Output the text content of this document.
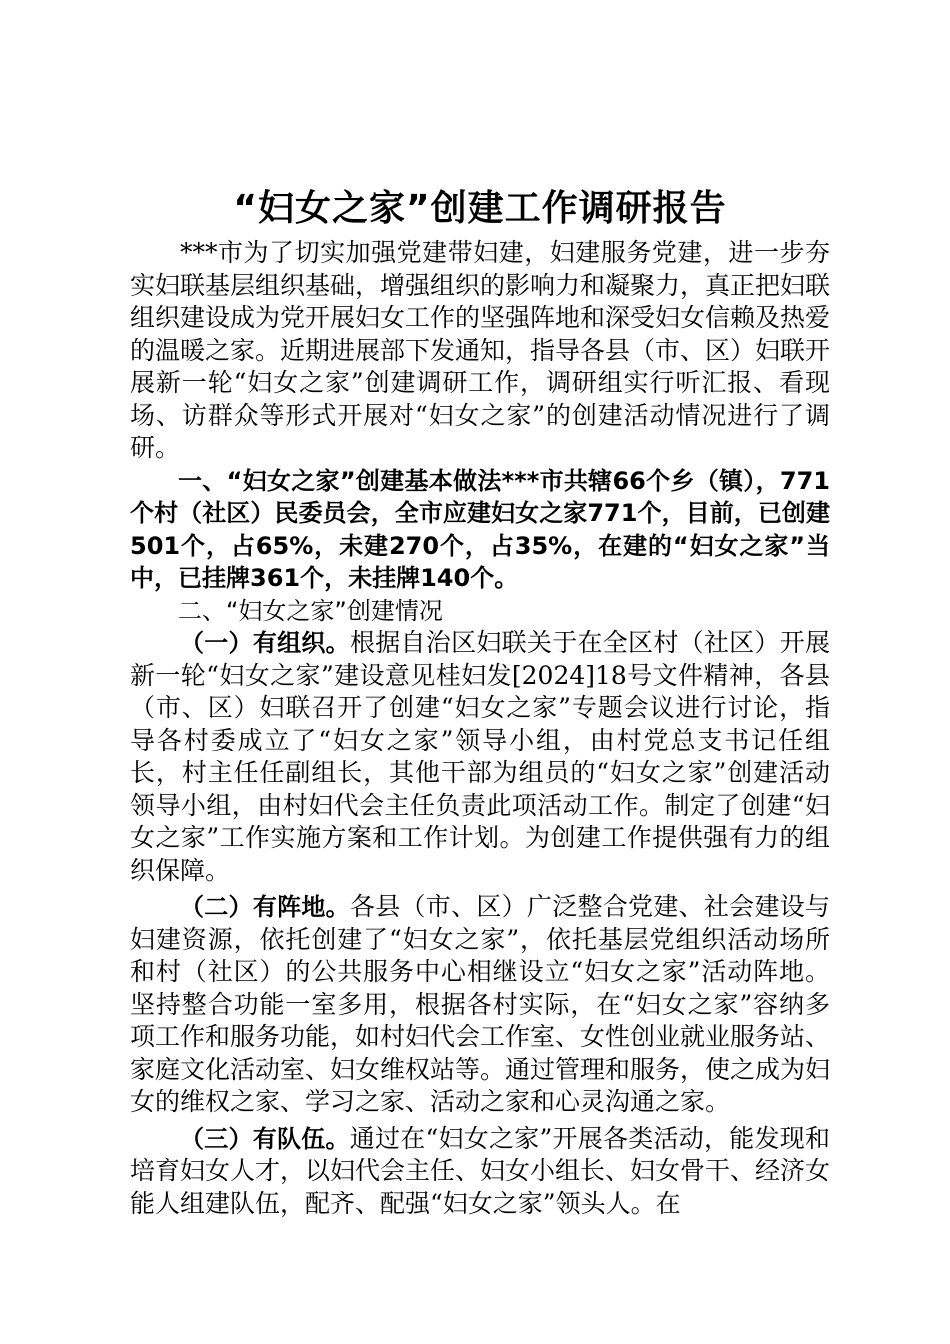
“妇女之家”创建工作调研报告

***市为了切实加强党建带妇建，妇建服务党建，进一步夯实妇联基层组织基础，增强组织的影响力和凝聚力，真正把妇联组织建设成为党开展妇女工作的坚强阵地和深受妇女信赖及热爱的温暖之家。近期进展部下发通知，指导各县（市、区）妇联开展新一轮“妇女之家”创建调研工作，调研组实行听汇报、看现场、访群众等形式开展对“妇女之家”的创建活动情况进行了调研。

一、“妇女之家”创建基本做法***市共辖66个乡（镇），771个村（社区）民委员会，全市应建妇女之家771个，目前，已创建501个，占65%，未建270个，占35%，在建的“妇女之家”当中，已挂牌361个，未挂牌140个。

二、“妇女之家”创建情况

（一）有组织。根据自治区妇联关于在全区村（社区）开展新一轮“妇女之家”建设意见桂妇发[2024]18号文件精神，各县（市、区）妇联召开了创建“妇女之家”专题会议进行讨论，指导各村委成立了“妇女之家”领导小组，由村党总支书记任组长，村主任任副组长，其他干部为组员的“妇女之家”创建活动领导小组，由村妇代会主任负责此项活动工作。制定了创建“妇女之家”工作实施方案和工作计划。为创建工作提供强有力的组织保障。

（二）有阵地。各县（市、区）广泛整合党建、社会建设与妇建资源，依托创建了“妇女之家”，依托基层党组织活动场所和村（社区）的公共服务中心相继设立“妇女之家”活动阵地。坚持整合功能一室多用，根据各村实际，在“妇女之家”容纳多项工作和服务功能，如村妇代会工作室、女性创业就业服务站、家庭文化活动室、妇女维权站等。通过管理和服务，使之成为妇女的维权之家、学习之家、活动之家和心灵沟通之家。

（三）有队伍。通过在“妇女之家”开展各类活动，能发现和培育妇女人才，以妇代会主任、妇女小组长、妇女骨干、经济女能人组建队伍，配齐、配强“妇女之家”领头人。在
